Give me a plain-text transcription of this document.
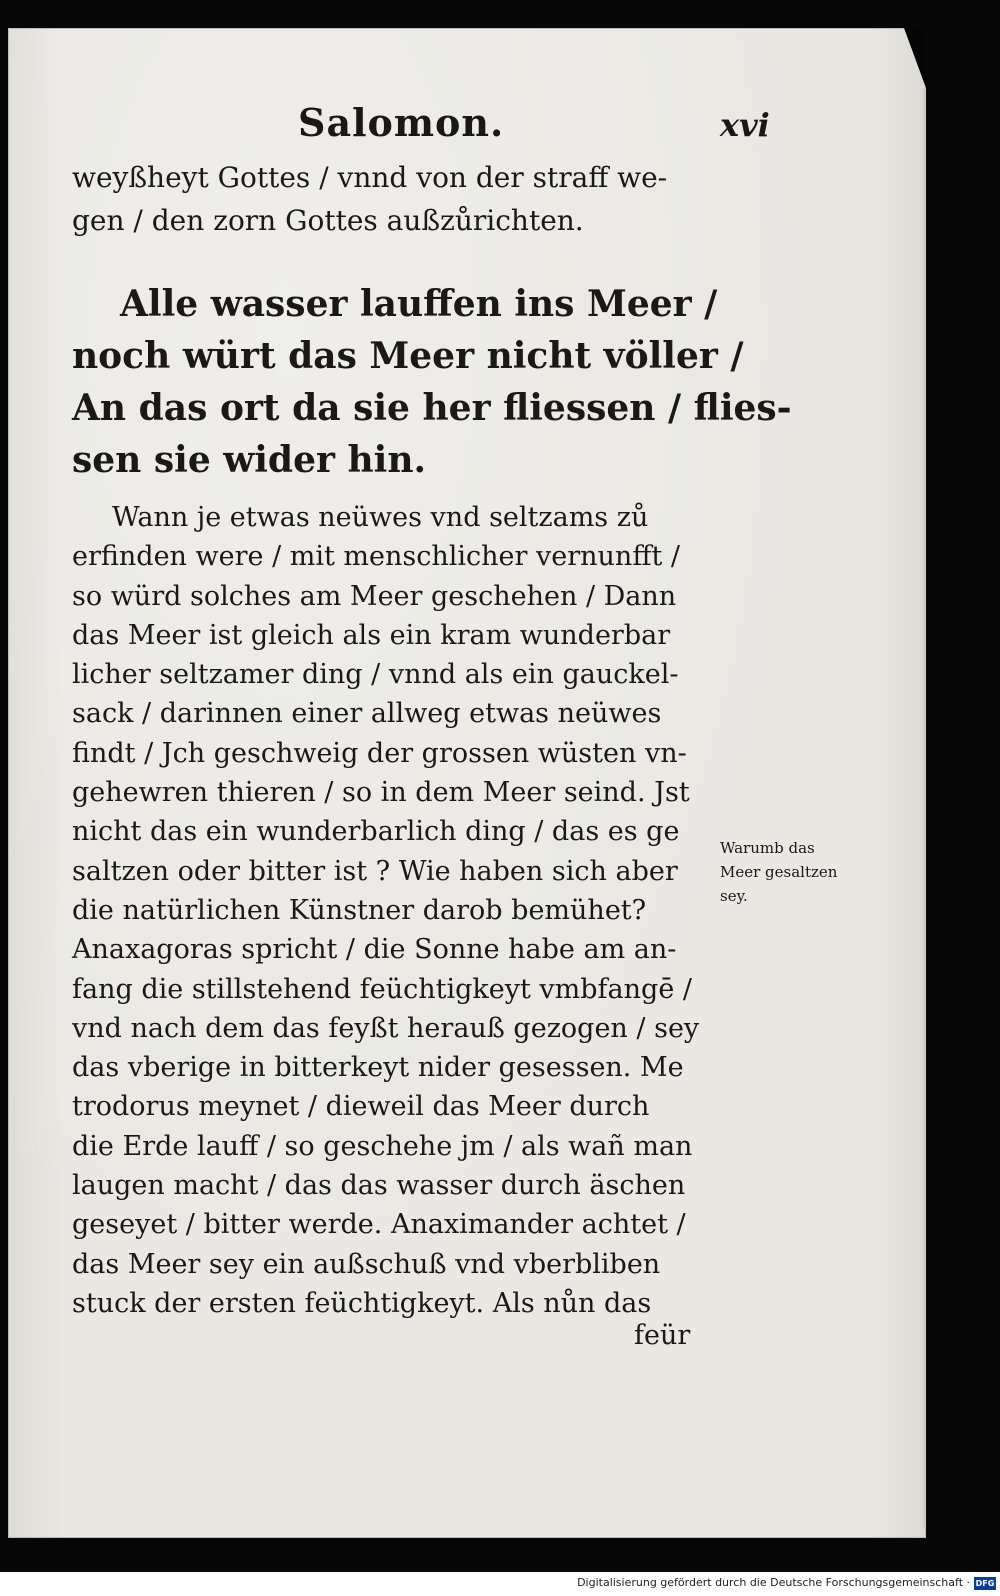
Salomon.	xvi
weyßheyt Gottes / vnnd von der straff we-
gen / den zorn Gottes außzůrichten.
Alle wasser lauffen ins Meer /
noch würt das Meer nicht völler /
An das ort da sie her fliessen / flies-
sen sie wider hin.
Wann je etwas neüwes vnd seltzams zů
erfinden were / mit menschlicher vernunfft /
so würd solches am Meer geschehen / Dann
das Meer ist gleich als ein kram wunderbar
licher seltzamer ding / vnnd als ein gauckel-
sack / darinnen einer allweg etwas neüwes
findt / Jch geschweig der grossen wüsten vn-
gehewren thieren / so in dem Meer seind. Jst
nicht das ein wunderbarlich ding / das es ge
saltzen oder bitter ist ? Wie haben sich aber
die natürlichen Künstner darob bemühet?
Anaxagoras spricht / die Sonne habe am an-
fang die stillstehend feüchtigkeyt vmbfangē /
vnd nach dem das feyßt herauß gezogen / sey
das vberige in bitterkeyt nider gesessen. Me
trodorus meynet / dieweil das Meer durch
die Erde lauff / so geschehe jm / als wañ man
laugen macht / das das wasser durch äschen
geseyet / bitter werde. Anaximander achtet /
das Meer sey ein außschuß vnd vberbliben
stuck der ersten feüchtigkeyt. Als nůn das
feür
Warumb das
Meer gesaltzen
sey.
Digitalisierung gefördert durch die Deutsche Forschungsgemeinschaft · DFG
